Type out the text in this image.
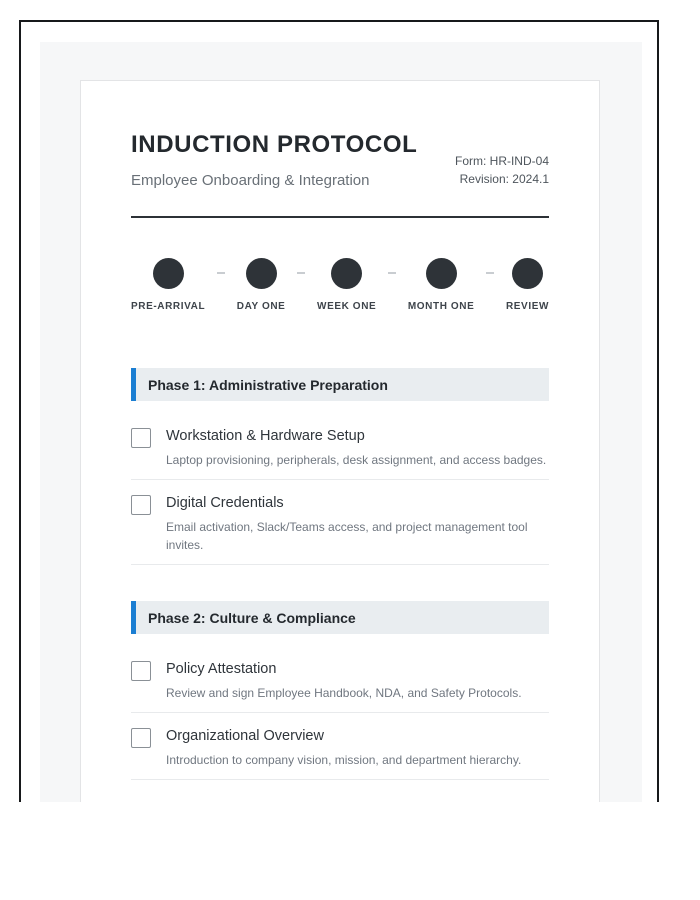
INDUCTION PROTOCOL
Employee Onboarding & Integration
Form: HR-IND-04
Revision: 2024.1
PRE-ARRIVAL	DAY ONE	WEEK ONE	MONTH ONE	REVIEW
Phase 1: Administrative Preparation
Workstation & Hardware Setup
Laptop provisioning, peripherals, desk assignment, and access badges.
Digital Credentials
Email activation, Slack/Teams access, and project management tool invites.
Phase 2: Culture & Compliance
Policy Attestation
Review and sign Employee Handbook, NDA, and Safety Protocols.
Organizational Overview
Introduction to company vision, mission, and department hierarchy.
